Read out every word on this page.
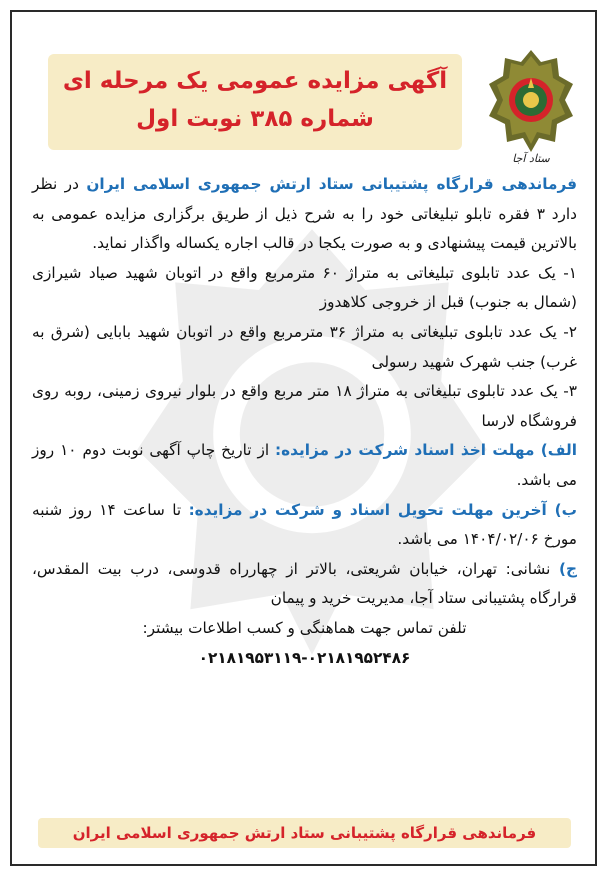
آگهی مزایده عمومی یک مرحله ای
شماره ۳۸۵ نوبت اول
ستاد آجا

فرماندهی قرارگاه پشتیبانی ستاد ارتش جمهوری اسلامی ایران در نظر دارد ۳ فقره تابلو تبلیغاتی خود را به شرح ذیل از طریق برگزاری مزایده عمومی به بالاترین قیمت پیشنهادی و به صورت یکجا در قالب اجاره یکساله واگذار نماید.

۱- یک عدد تابلوی تبلیغاتی به متراژ ۶۰ مترمربع واقع در اتوبان شهید صیاد شیرازی (شمال به جنوب) قبل از خروجی کلاهدوز

۲- یک عدد تابلوی تبلیغاتی به متراژ ۳۶ مترمربع واقع در اتوبان شهید بابایی (شرق به غرب) جنب شهرک شهید رسولی

۳- یک عدد تابلوی تبلیغاتی به متراژ ۱۸ متر مربع واقع در بلوار نیروی زمینی، روبه روی فروشگاه لارسا

الف) مهلت اخذ اسناد شرکت در مزایده: از تاریخ چاپ آگهی نوبت دوم ۱۰ روز می باشد.

ب) آخرین مهلت تحویل اسناد و شرکت در مزایده: تا ساعت ۱۴ روز شنبه مورخ ۱۴۰۴/۰۲/۰۶ می باشد.

ج) نشانی: تهران، خیابان شریعتی، بالاتر از چهارراه قدوسی، درب بیت المقدس، قرارگاه پشتیبانی ستاد آجا، مدیریت خرید و پیمان

تلفن تماس جهت هماهنگی و کسب اطلاعات بیشتر:

۰۲۱۸۱۹۵۳۱۱۹-۰۲۱۸۱۹۵۲۴۸۶

فرماندهی قرارگاه پشتیبانی ستاد ارتش جمهوری اسلامی ایران
